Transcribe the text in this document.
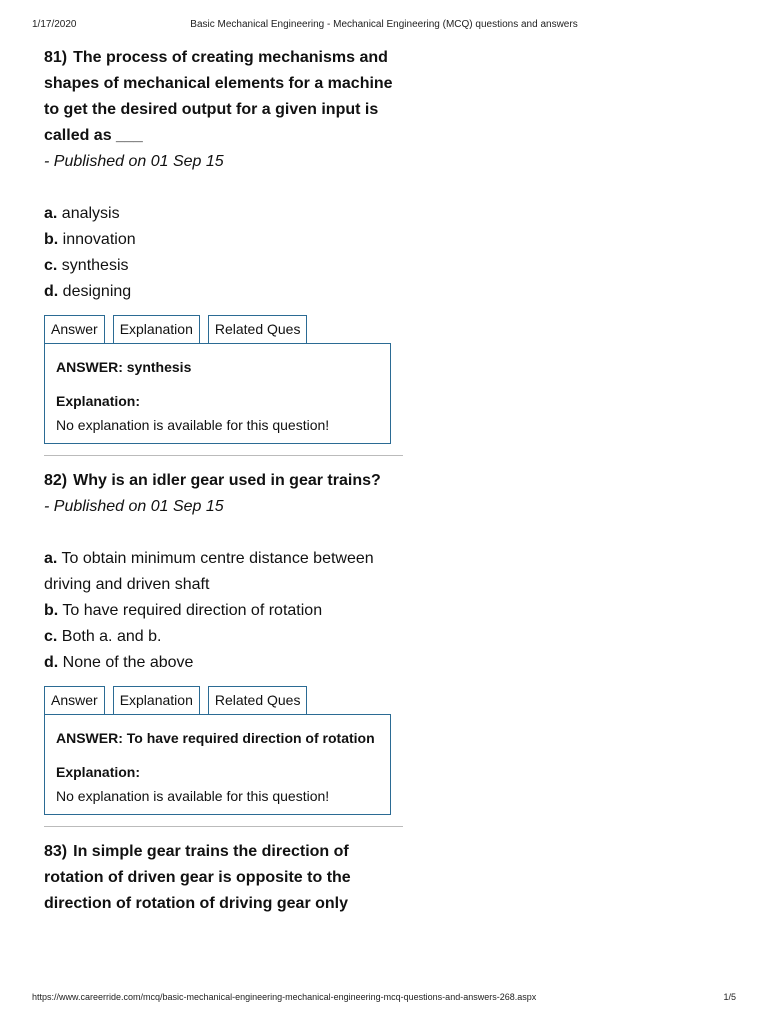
1/17/2020	Basic Mechanical Engineering - Mechanical Engineering (MCQ) questions and answers

81) The process of creating mechanisms and shapes of mechanical elements for a machine to get the desired output for a given input is called as ___

- Published on 01 Sep 15

a. analysis

b. innovation

c. synthesis

d. designing

Answer	Explanation	Related Ques

ANSWER: synthesis

Explanation:

No explanation is available for this question!

82) Why is an idler gear used in gear trains?

- Published on 01 Sep 15

a. To obtain minimum centre distance between driving and driven shaft

b. To have required direction of rotation

c. Both a. and b.

d. None of the above

Answer	Explanation	Related Ques

ANSWER: To have required direction of rotation

Explanation:

No explanation is available for this question!

83) In simple gear trains the direction of rotation of driven gear is opposite to the direction of rotation of driving gear only

https://www.careerride.com/mcq/basic-mechanical-engineering-mechanical-engineering-mcq-questions-and-answers-268.aspx	1/5
